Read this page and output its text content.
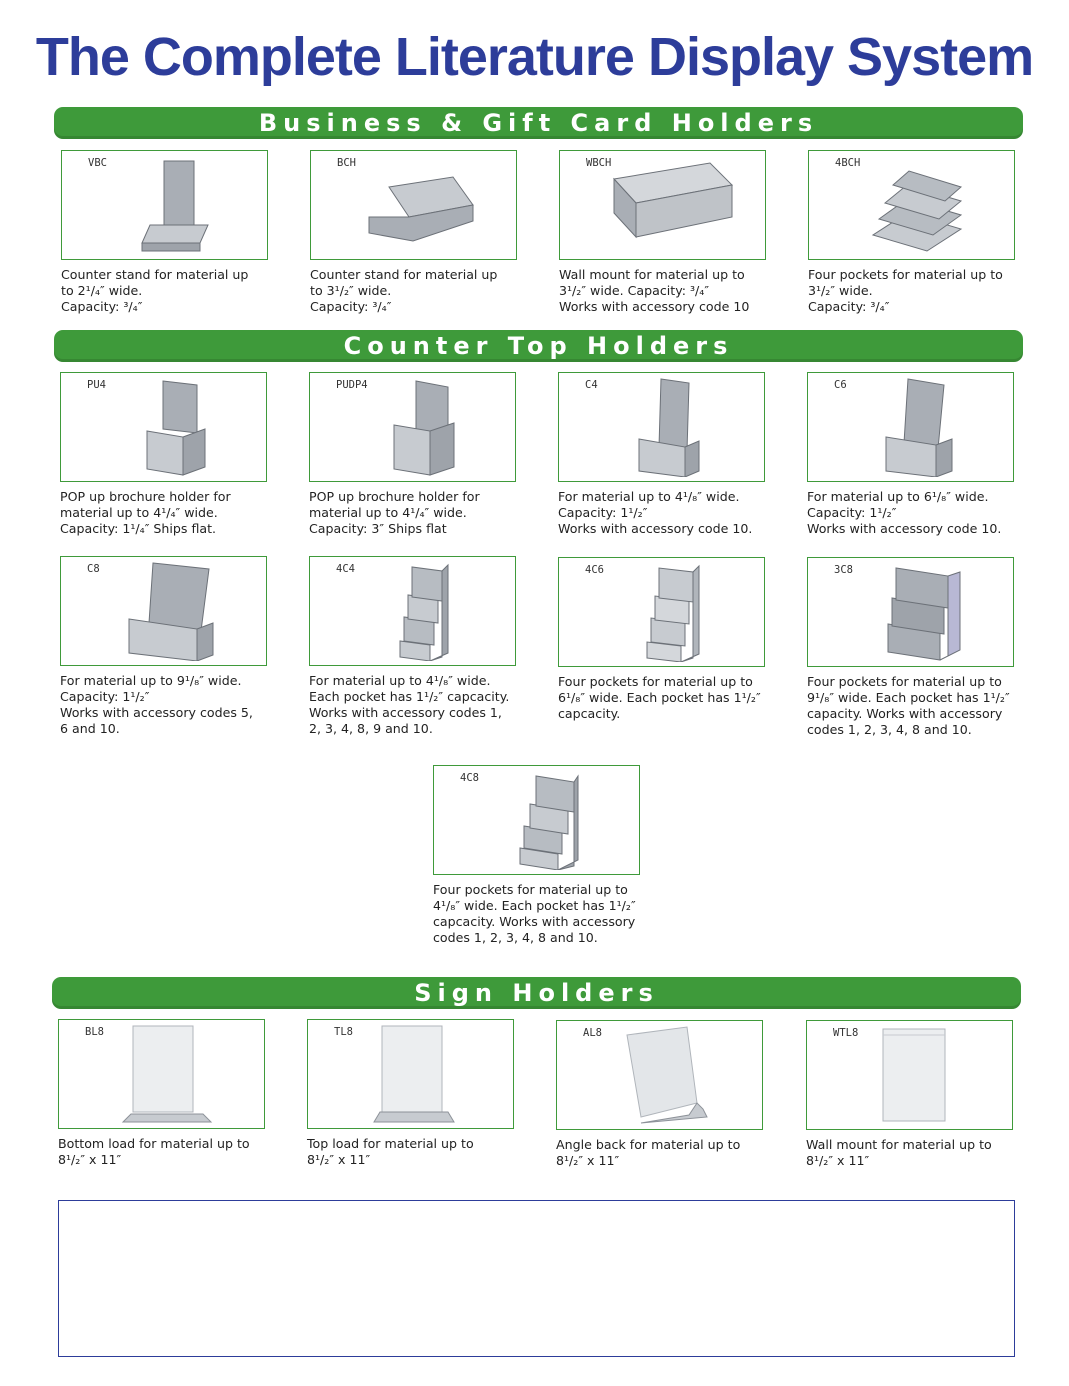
The Complete Literature Display System
Business & Gift Card Holders
Counter Top Holders
Sign Holders
VBC
Counter stand for material up
to 2¹/₄″ wide.
Capacity: ³/₄″
BCH
Counter stand for material up
to 3¹/₂″ wide.
Capacity: ³/₄″
WBCH
Wall mount for material up to
3¹/₂″ wide. Capacity: ³/₄″
Works with accessory code 10
4BCH
Four pockets for material up to
3¹/₂″ wide.
Capacity: ³/₄″
PU4
POP up brochure holder for
material up to 4¹/₄″ wide.
Capacity: 1¹/₄″ Ships flat.
PUDP4
POP up brochure holder for
material up to 4¹/₄″ wide.
Capacity: 3″ Ships flat
C4
For material up to 4¹/₈″ wide.
Capacity: 1¹/₂″
Works with accessory code 10.
C6
For material up to 6¹/₈″ wide.
Capacity: 1¹/₂″
Works with accessory code 10.
C8
For material up to 9¹/₈″ wide.
Capacity: 1¹/₂″
Works with accessory codes 5,
6 and 10.
4C4
For material up to 4¹/₈″ wide.
Each pocket has 1¹/₂″ capcacity.
Works with accessory codes 1,
2, 3, 4, 8, 9 and 10.
4C6
Four pockets for material up to
6¹/₈″ wide. Each pocket has 1¹/₂″
capcacity.
3C8
Four pockets for material up to
9¹/₈″ wide. Each pocket has 1¹/₂″
capacity. Works with accessory
codes 1, 2, 3, 4, 8 and 10.
4C8
Four pockets for material up to
4¹/₈″ wide. Each pocket has 1¹/₂″
capcacity. Works with accessory
codes 1, 2, 3, 4, 8 and 10.
BL8
Bottom load for material up to
8¹/₂″ x 11″
TL8
Top load for material up to
8¹/₂″ x 11″
AL8
Angle back for material up to
8¹/₂″ x 11″
WTL8
Wall mount for material up to
8¹/₂″ x 11″
